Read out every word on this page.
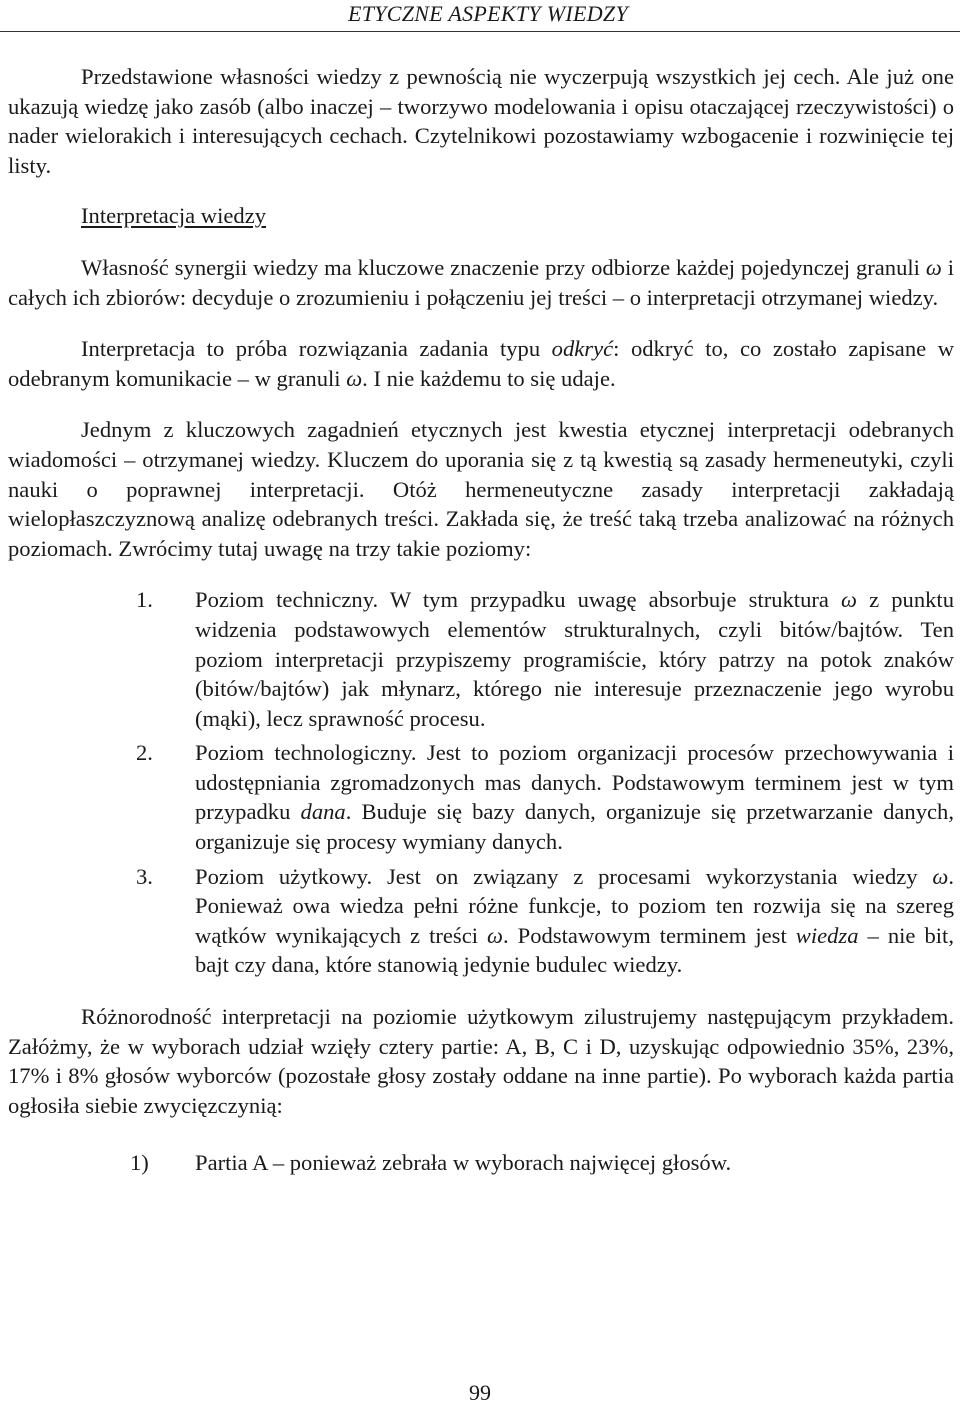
ETYCZNE ASPEKTY WIEDZY

Przedstawione własności wiedzy z pewnością nie wyczerpują wszystkich jej cech. Ale już one ukazują wiedzę jako zasób (albo inaczej – tworzywo modelowania i opisu otaczającej rzeczywistości) o nader wielorakich i interesujących cechach. Czytelnikowi pozostawiamy wzbogacenie i rozwinięcie tej listy.

Interpretacja wiedzy

Własność synergii wiedzy ma kluczowe znaczenie przy odbiorze każdej pojedynczej granuli ω i całych ich zbiorów: decyduje o zrozumieniu i połączeniu jej treści – o interpretacji otrzymanej wiedzy.

Interpretacja to próba rozwiązania zadania typu odkryć: odkryć to, co zostało zapisane w odebranym komunikacie – w granuli ω. I nie każdemu to się udaje.

Jednym z kluczowych zagadnień etycznych jest kwestia etycznej interpretacji odebranych wiadomości – otrzymanej wiedzy. Kluczem do uporania się z tą kwestią są zasady hermeneutyki, czyli nauki o poprawnej interpretacji. Otóż hermeneutyczne zasady interpretacji zakładają wielopłaszczyznową analizę odebranych treści. Zakłada się, że treść taką trzeba analizować na różnych poziomach. Zwrócimy tutaj uwagę na trzy takie poziomy:

1. Poziom techniczny. W tym przypadku uwagę absorbuje struktura ω z punktu widzenia podstawowych elementów strukturalnych, czyli bitów/bajtów. Ten poziom interpretacji przypiszemy programiście, który patrzy na potok znaków (bitów/bajtów) jak młynarz, którego nie interesuje przeznaczenie jego wyrobu (mąki), lecz sprawność procesu.
2. Poziom technologiczny. Jest to poziom organizacji procesów przechowywania i udostępniania zgromadzonych mas danych. Podstawowym terminem jest w tym przypadku dana. Buduje się bazy danych, organizuje się przetwarzanie danych, organizuje się procesy wymiany danych.
3. Poziom użytkowy. Jest on związany z procesami wykorzystania wiedzy ω. Ponieważ owa wiedza pełni różne funkcje, to poziom ten rozwija się na szereg wątków wynikających z treści ω. Podstawowym terminem jest wiedza – nie bit, bajt czy dana, które stanowią jedynie budulec wiedzy.

Różnorodność interpretacji na poziomie użytkowym zilustrujemy następującym przykładem. Załóżmy, że w wyborach udział wzięły cztery partie: A, B, C i D, uzyskując odpowiednio 35%, 23%, 17% i 8% głosów wyborców (pozostałe głosy zostały oddane na inne partie). Po wyborach każda partia ogłosiła siebie zwycięzczynią:

1) Partia A – ponieważ zebrała w wyborach najwięcej głosów.
99
